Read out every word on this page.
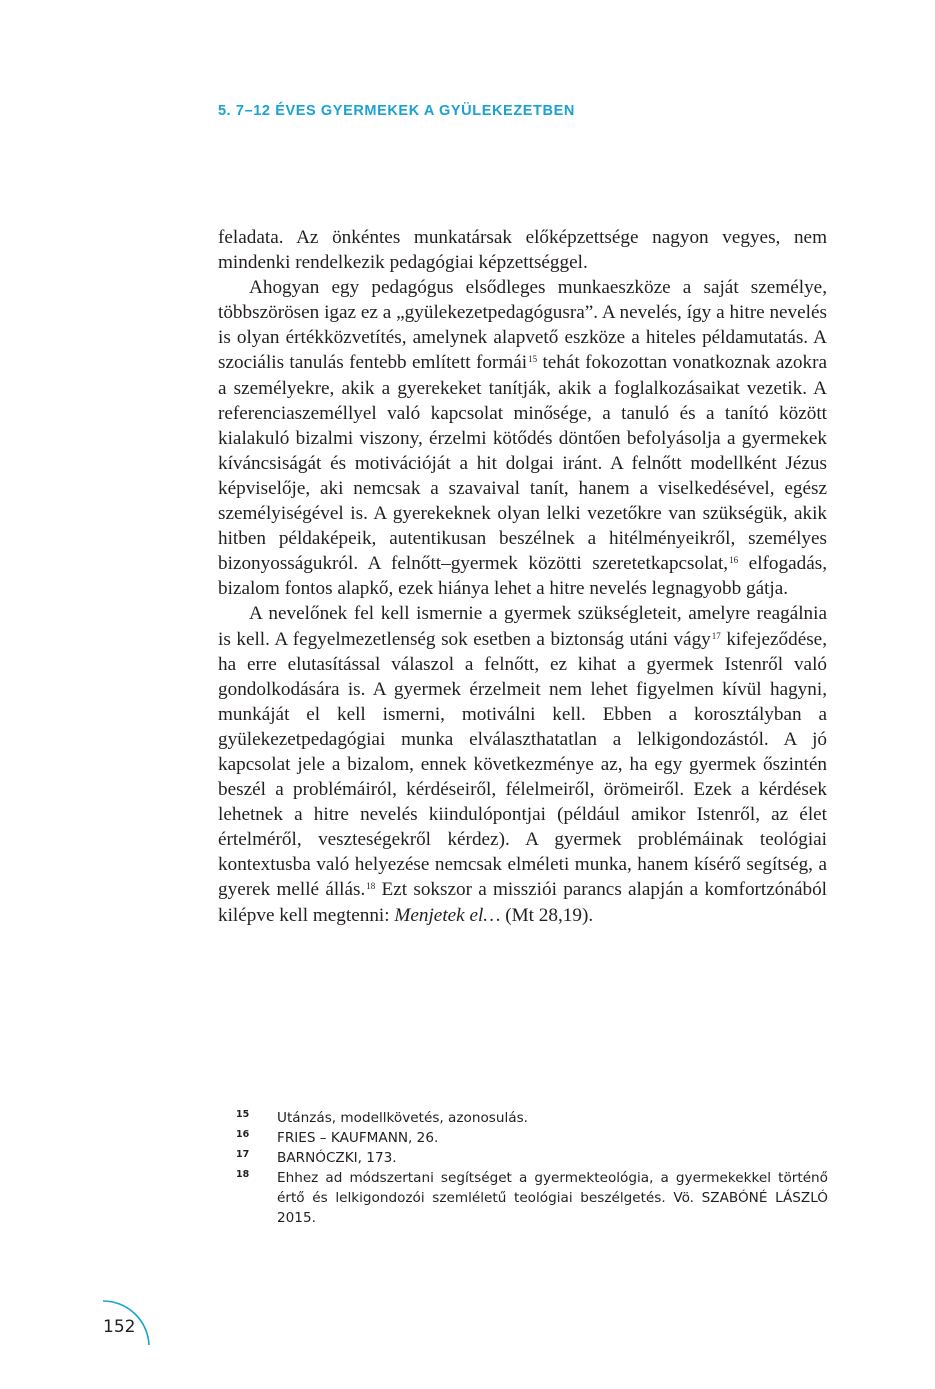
5. 7–12 ÉVES GYERMEKEK A GYÜLEKEZETBEN

feladata. Az önkéntes munkatársak előképzettsége nagyon vegyes, nem mindenki rendelkezik pedagógiai képzettséggel.

Ahogyan egy pedagógus elsődleges munkaeszköze a saját személye, többszörösen igaz ez a „gyülekezetpedagógusra”. A nevelés, így a hitre nevelés is olyan értékközvetítés, amelynek alapvető eszköze a hiteles példamutatás. A szociális tanulás fentebb említett formái$^{15}$ tehát fokozottan vonatkoznak azokra a személyekre, akik a gyerekeket tanítják, akik a foglalkozásaikat vezetik. A referenciaszeméllyel való kapcsolat minősége, a tanuló és a tanító között kialakuló bizalmi viszony, érzelmi kötődés döntően befolyásolja a gyermekek kíváncsiságát és motivációját a hit dolgai iránt. A felnőtt modellként Jézus képviselője, aki nemcsak a szavaival tanít, hanem a viselkedésével, egész személyiségével is. A gyerekeknek olyan lelki vezetőkre van szükségük, akik hitben példaképeik, autentikusan beszélnek a hitélményeikről, személyes bizonyosságukról. A felnőtt–gyermek közötti szeretetkapcsolat,$^{16}$ elfogadás, bizalom fontos alapkő, ezek hiánya lehet a hitre nevelés legnagyobb gátja.

A nevelőnek fel kell ismernie a gyermek szükségleteit, amelyre reagálnia is kell. A fegyelmezetlenség sok esetben a biztonság utáni vágy$^{17}$ kifejeződése, ha erre elutasítással válaszol a felnőtt, ez kihat a gyermek Istenről való gondolkodására is. A gyermek érzelmeit nem lehet figyelmen kívül hagyni, munkáját el kell ismerni, motiválni kell. Ebben a korosztályban a gyülekezetpedagógiai munka elválaszthatatlan a lelkigondozástól. A jó kapcsolat jele a bizalom, ennek következménye az, ha egy gyermek őszintén beszél a problémáiról, kérdéseiről, félelmeiről, örömeiről. Ezek a kérdések lehetnek a hitre nevelés kiindulópontjai (például amikor Istenről, az élet értelméről, veszteségekről kérdez). A gyermek problémáinak teológiai kontextusba való helyezése nemcsak elméleti munka, hanem kísérő segítség, a gyerek mellé állás.$^{18}$ Ezt sokszor a missziói parancs alapján a komfortzónából kilépve kell megtenni: Menjetek el… (Mt 28,19).

15	Utánzás, modellkövetés, azonosulás.
16	FRIES – KAUFMANN, 26.
17	BARNÓCZKI, 173.
18	Ehhez ad módszertani segítséget a gyermekteológia, a gyermekekkel történő értő és lelkigondozói szemléletű teológiai beszélgetés. Vö. SZABÓNÉ LÁSZLÓ 2015.
152
